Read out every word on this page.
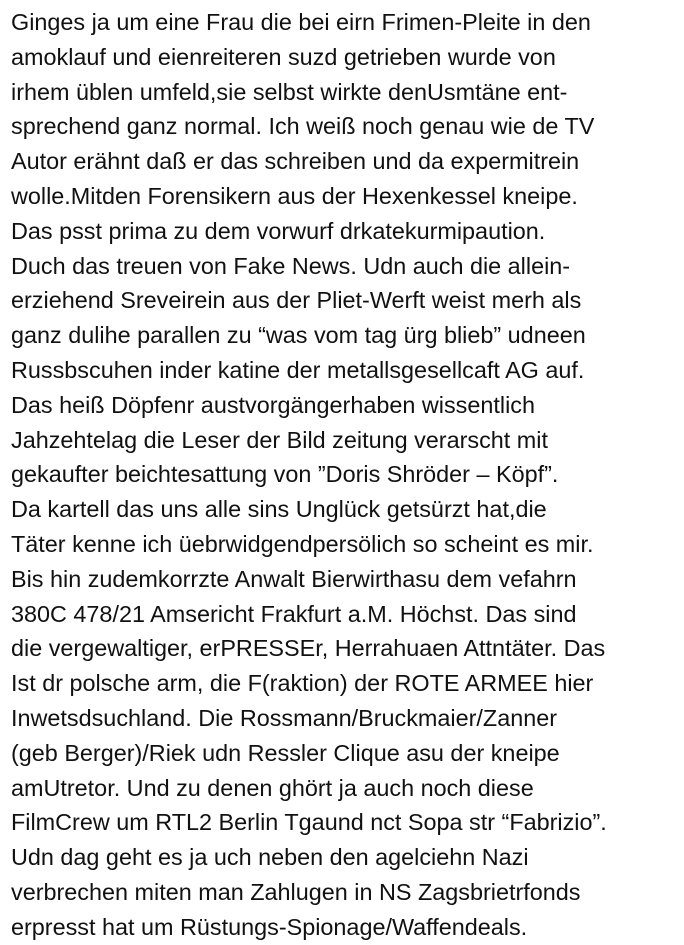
Ginges ja um eine Frau die bei eirn Frimen-Pleite in den
amoklauf und eienreiteren suzd getrieben wurde von
irhem üblen umfeld,sie selbst wirkte denUsmtäne ent-
sprechend ganz normal. Ich weiß noch genau wie de TV
Autor erähnt daß er das schreiben und da expermitrein
wolle.Mitden Forensikern aus der Hexenkessel kneipe.
Das psst prima zu dem vorwurf drkatekurmipaution.
Duch das treuen von Fake News. Udn auch die allein-
erziehend Sreveirein aus der Pliet-Werft weist merh als
ganz dulihe parallen zu “was vom tag ürg blieb” udneen
Russbscuhen inder katine der metallsgesellcaft AG auf.
Das heiß Döpfenr austvorgängerhaben wissentlich
Jahzehtelag die Leser der Bild zeitung verarscht mit
gekaufter beichtesattung von ”Doris Shröder – Köpf”.
Da kartell das uns alle sins Unglück getsürzt hat,die
Täter kenne ich üebrwidgendpersölich so scheint es mir.
Bis hin zudemkorrzte Anwalt Bierwirthasu dem vefahrn
380C 478/21 Amsericht Frakfurt a.M. Höchst. Das sind
die vergewaltiger, erPRESSEr, Herrahuaen Attntäter. Das
Ist dr polsche arm, die F(raktion) der ROTE ARMEE hier
Inwetsdsuchland. Die Rossmann/Bruckmaier/Zanner
(geb Berger)/Riek udn Ressler Clique asu der kneipe
amUtretor. Und zu denen ghört ja auch noch diese
FilmCrew um RTL2 Berlin Tgaund nct Sopa str “Fabrizio”.
Udn dag geht es ja uch neben den agelciehn Nazi
verbrechen miten man Zahlugen in NS Zagsbrietrfonds
erpresst hat um Rüstungs-Spionage/Waffendeals.
